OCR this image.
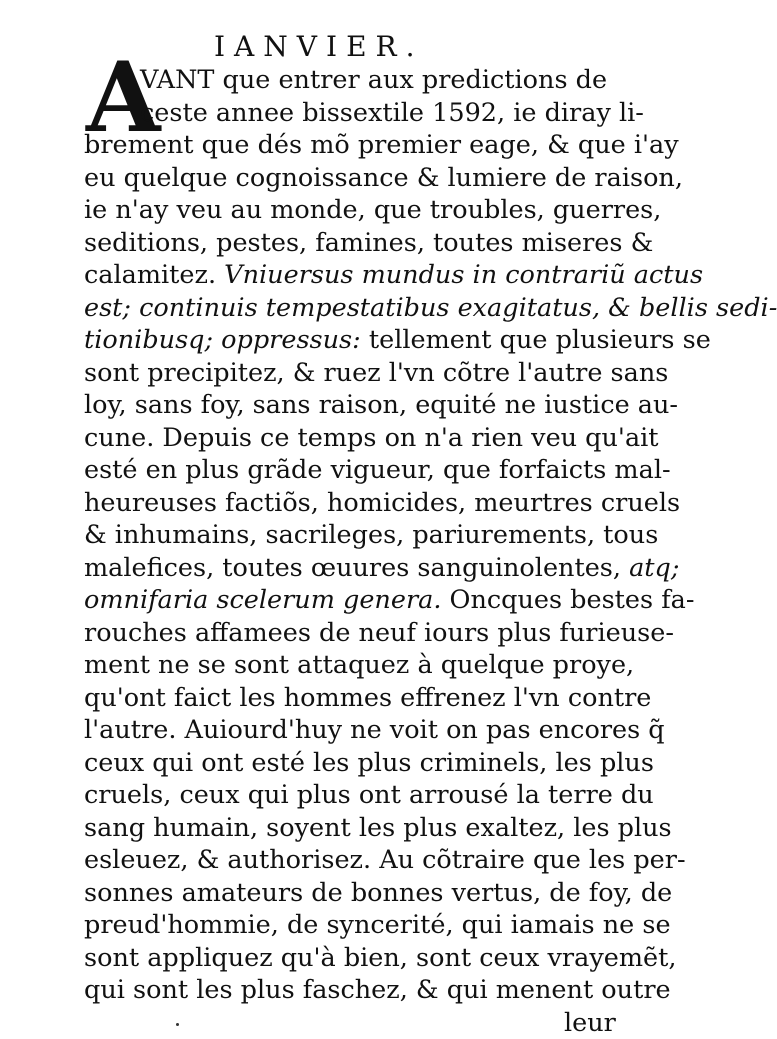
IANVIER.
A
VANT que entrer aux predictions de
ceste annee bissextile 1592, ie diray li-
brement que dés mõ premier eage, & que i'ay
eu quelque cognoissance & lumiere de raison,
ie n'ay veu au monde, que troubles, guerres,
seditions, pestes, famines, toutes miseres &
calamitez. Vniuersus mundus in contrariũ actus
est; continuis tempestatibus exagitatus, & bellis sedi-
tionibusq; oppressus: tellement que plusieurs se
sont precipitez, & ruez l'vn cõtre l'autre sans
loy, sans foy, sans raison, equité ne iustice au-
cune. Depuis ce temps on n'a rien veu qu'ait
esté en plus grãde vigueur, que forfaicts mal-
heureuses factiõs, homicides, meurtres cruels
& inhumains, sacrileges, pariurements, tous
malefices, toutes œuures sanguinolentes, atq;
omnifaria scelerum genera. Oncques bestes fa-
rouches affamees de neuf iours plus furieuse-
ment ne se sont attaquez à quelque proye,
qu'ont faict les hommes effrenez l'vn contre
l'autre. Auiourd'huy ne voit on pas encores q̃
ceux qui ont esté les plus criminels, les plus
cruels, ceux qui plus ont arrousé la terre du
sang humain, soyent les plus exaltez, les plus
esleuez, & authorisez. Au cõtraire que les per-
sonnes amateurs de bonnes vertus, de foy, de
preud'hommie, de syncerité, qui iamais ne se
sont appliquez qu'à bien, sont ceux vrayemẽt,
qui sont les plus faschez, & qui menent outre
leur
